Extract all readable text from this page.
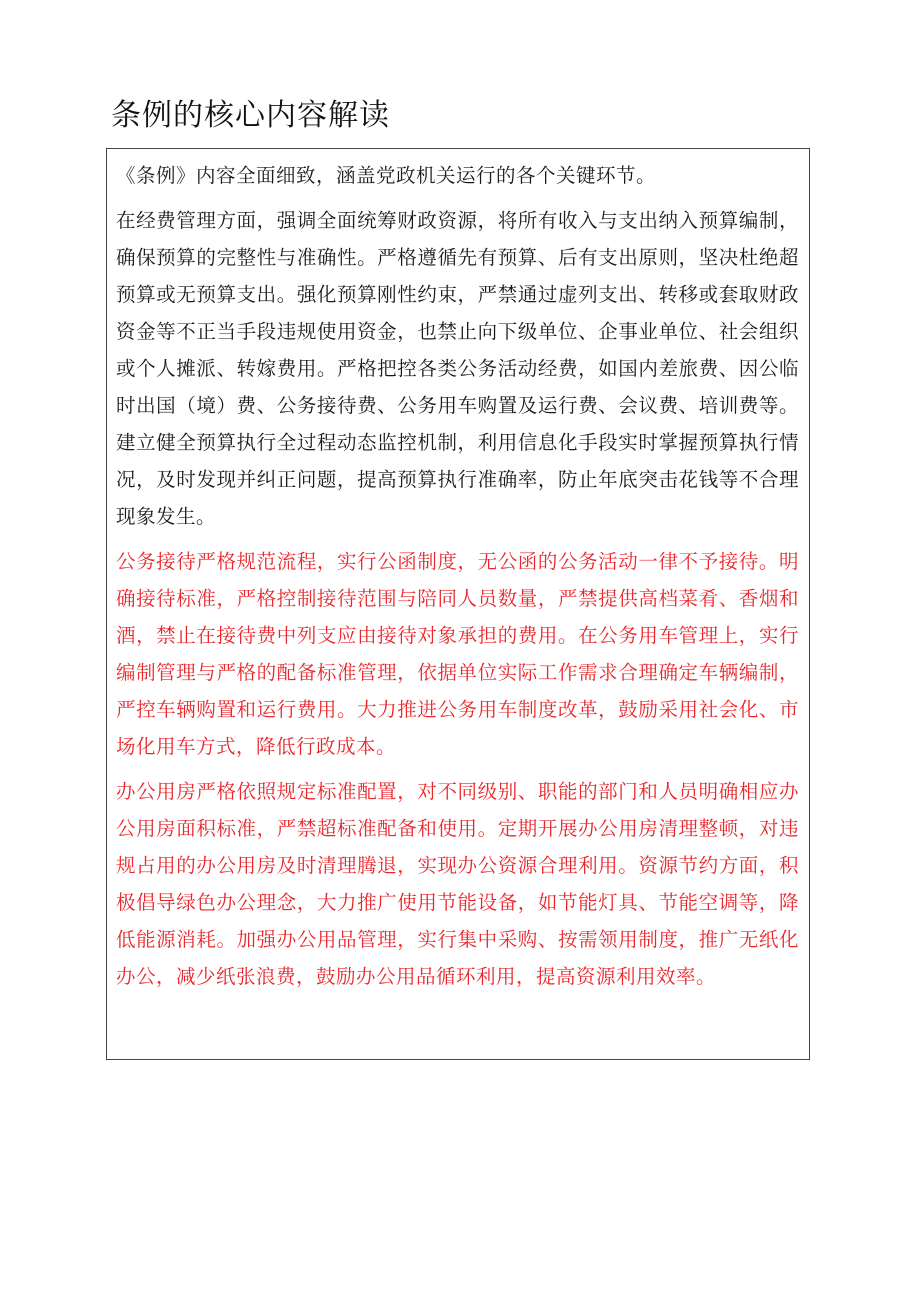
条例的核心内容解读

《条例》内容全面细致，涵盖党政机关运行的各个关键环节。

在经费管理方面，强调全面统筹财政资源，将所有收入与支出纳入预算编制，确保预算的完整性与准确性。严格遵循先有预算、后有支出原则，坚决杜绝超预算或无预算支出。强化预算刚性约束，严禁通过虚列支出、转移或套取财政资金等不正当手段违规使用资金，也禁止向下级单位、企事业单位、社会组织或个人摊派、转嫁费用。严格把控各类公务活动经费，如国内差旅费、因公临时出国（境）费、公务接待费、公务用车购置及运行费、会议费、培训费等。建立健全预算执行全过程动态监控机制，利用信息化手段实时掌握预算执行情况，及时发现并纠正问题，提高预算执行准确率，防止年底突击花钱等不合理现象发生。

公务接待严格规范流程，实行公函制度，无公函的公务活动一律不予接待。明确接待标准，严格控制接待范围与陪同人员数量，严禁提供高档菜肴、香烟和酒，禁止在接待费中列支应由接待对象承担的费用。在公务用车管理上，实行编制管理与严格的配备标准管理，依据单位实际工作需求合理确定车辆编制，严控车辆购置和运行费用。大力推进公务用车制度改革，鼓励采用社会化、市场化用车方式，降低行政成本。

办公用房严格依照规定标准配置，对不同级别、职能的部门和人员明确相应办公用房面积标准，严禁超标准配备和使用。定期开展办公用房清理整顿，对违规占用的办公用房及时清理腾退，实现办公资源合理利用。资源节约方面，积极倡导绿色办公理念，大力推广使用节能设备，如节能灯具、节能空调等，降低能源消耗。加强办公用品管理，实行集中采购、按需领用制度，推广无纸化办公，减少纸张浪费，鼓励办公用品循环利用，提高资源利用效率。
